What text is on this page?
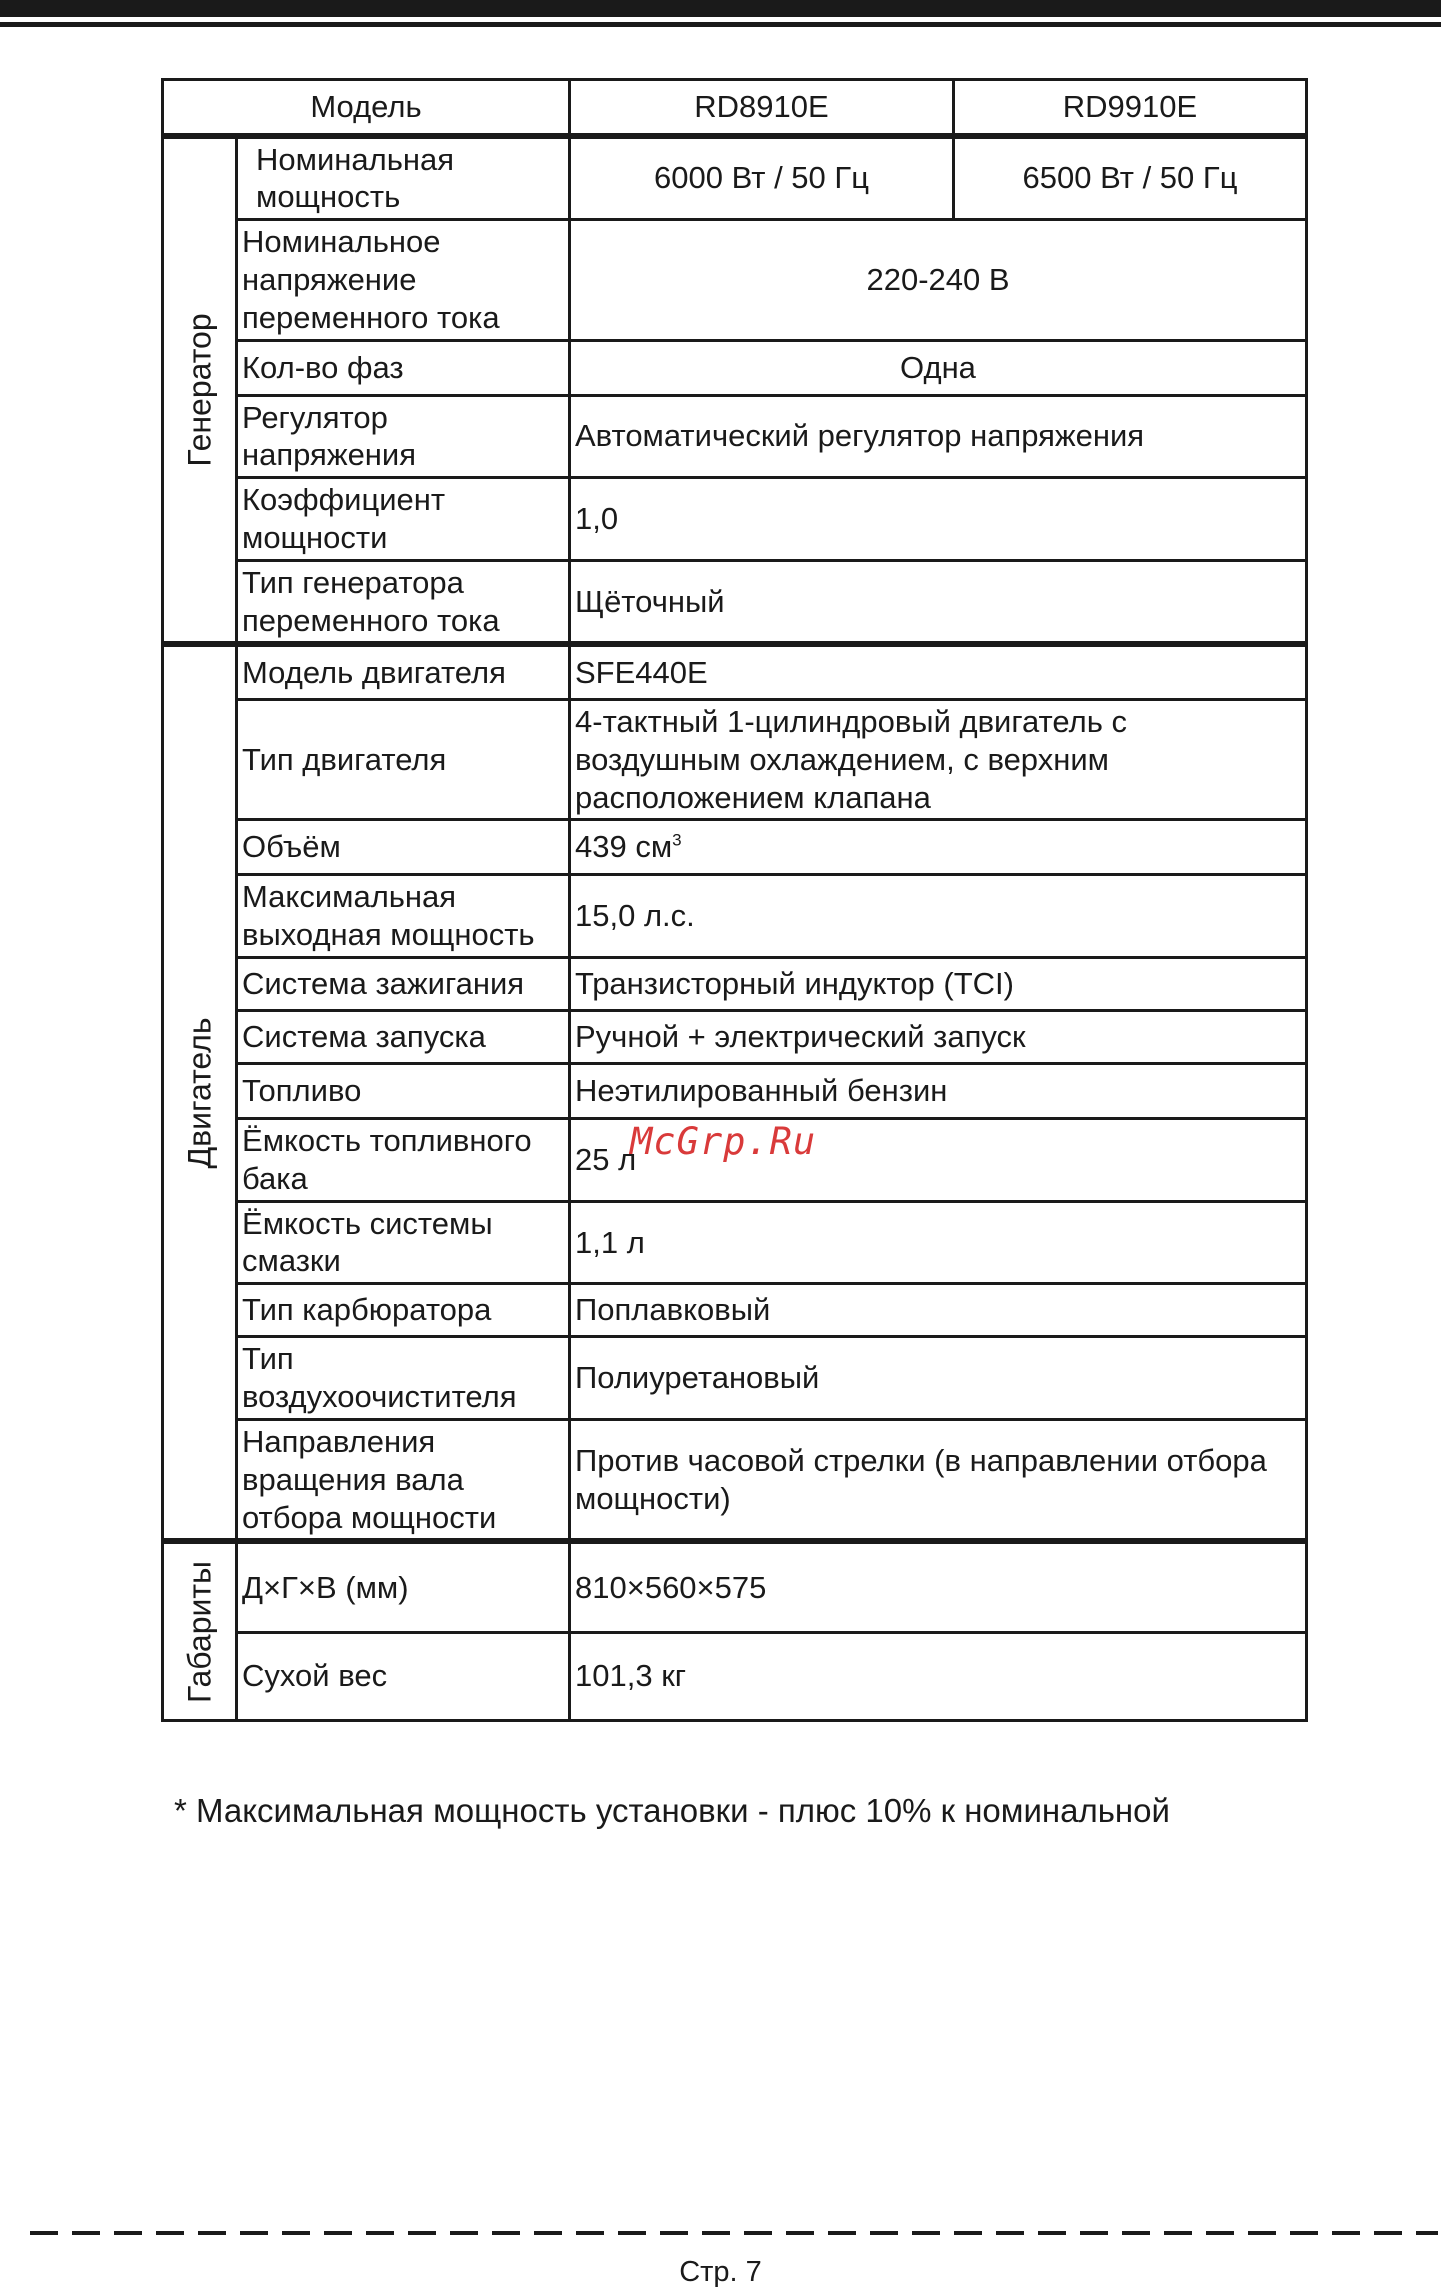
Модель		RD8910E	RD9910E

Генератор	Номинальная мощность	6000 Вт / 50 Гц	6500 Вт / 50 Гц
	Номинальное напряжение переменного тока	220-240 В	
	Кол-во фаз	Одна	
	Регулятор напряжения	Автоматический регулятор напряжения	
	Коэффициент мощности	1,0	
	Тип генератора переменного тока	Щёточный	

Двигатель	Модель двигателя	SFE440E	
	Тип двигателя	4-тактный 1-цилиндровый двигатель с воздушным охлаждением, с верхним расположением клапана	
	Объём	439 $см^3$
	Максимальная выходная мощность	15,0 л.с.	
	Система зажигания	Транзисторный индуктор (TCI)	
	Система запуска	Ручной + электрический запуск	
	Топливо	Неэтилированный бензин	
	Ёмкость топливного бака	25 л	
	Ёмкость системы смазки	1,1 л	
	Тип карбюратора	Поплавковый	
	Тип воздухоочистителя	Полиуретановый	
	Направления вращения вала отбора мощности	Против часовой стрелки (в направлении отбора мощности)	

Габариты	Д×Г×В (мм)	810×560×575	
	Сухой вес	101,3 кг	
McGrp.Ru
* Максимальная мощность установки - плюс 10% к номинальной
Стр. 7
